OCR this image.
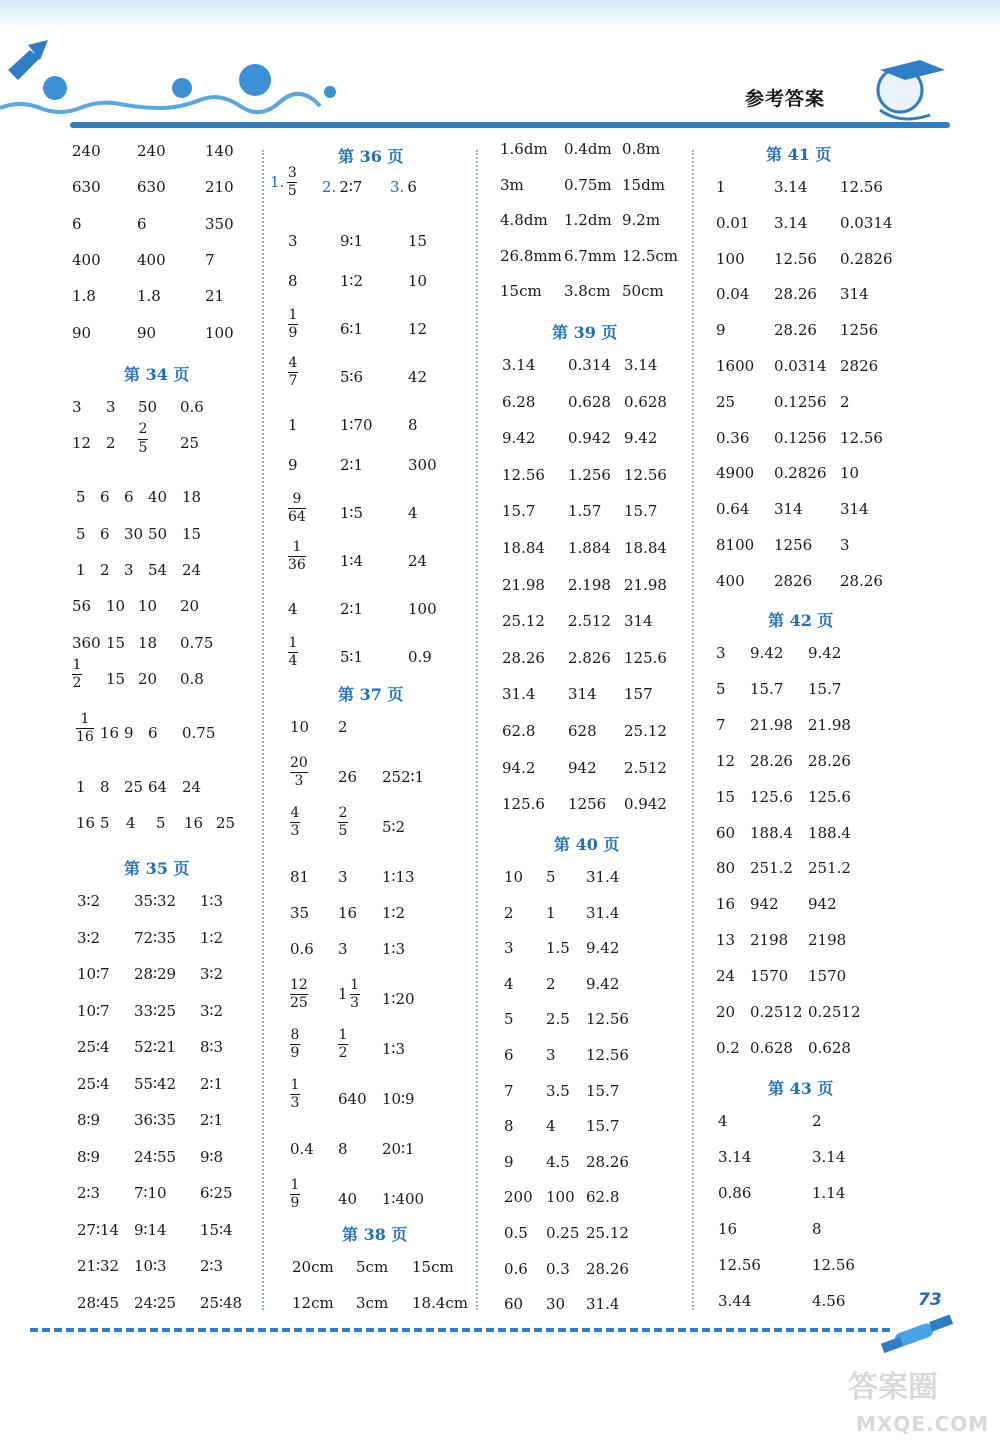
参考答案
240 240	140
630 630	210
6	6	350
400 400	7
1.8	1.8	21
90	90	100
第 34 页
3 3 50 0.6
12 $2 \frac{2}{5} 25$
5 6 6 40 18
5 6 30 50 15
1 2 3 54 24
56 10 10 20
360 15 18 0.75
$\frac{1}{2} 15$ 20 0.8
$\frac{1}{16} 16$ 9 6 0.75
1 8 25 64 24
16 5 4 5 16 25
第 35 页
3∶2 35∶32 1∶3
3∶2 72∶35 1∶2
10∶7 28∶29 3∶2
10∶7 33∶25 3∶2
25∶4 52∶21 8∶3
25∶4 55∶42 2∶1
8∶9 36∶35 2∶1
8∶9 24∶55 9∶8
2∶3 7∶10 6∶25
27∶14 9∶14 15∶4
21∶32 10∶3 2∶3
28∶45 24∶25 25∶48
第 36 页
1. $\frac{3}{5} 2$. 2∶7 3. 6
3	9∶1	15
8	1∶2	10
$\frac{1}{9}$	6∶1	12
$\frac{4}{7}$	5∶6	42
1	1∶70 8
9	2∶1	300
$\frac{9}{64}$ 1∶5	4
$\frac{1}{36}$ 1∶4	24
4	2∶1	100
$\frac{1}{4}$	5∶1	0.9
第 37 页
10 2
$\frac{20}{3} 26$ 252∶1
$\frac{4}{3}$	$\frac{2}{5}$ 5∶2
81 3 1∶13
35 16 1∶2
0.6 3 1∶3
$\frac{12}{25} 1 \frac{1}{3}$ 1∶20
$\frac{8}{9}$	$\frac{1}{2}$ 1∶3
$\frac{1}{3}$	640 10∶9
0.4 8 20∶1
$\frac{1}{9}$	40 1∶400
第 38 页
20cm 5cm 15cm
12cm 3cm 18.4cm
1.6dm 0.4dm 0.8m
3m	0.75m 15dm
4.8dm 1.2dm 9.2m
26.8mm 6.7mm 12.5cm
15cm 3.8cm 50cm
第 39 页
3.14 0.314 3.14
6.28 0.628 0.628
9.42 0.942 9.42
12.56 1.256 12.56
15.7 1.57 15.7
18.84 1.884 18.84
21.98 2.198 21.98
25.12 2.512 314
28.26 2.826 125.6
31.4 314 157
62.8 628 25.12
94.2 942 2.512
125.6 1256 0.942
第 40 页
10 5 31.4
2 1 31.4
3 1.5 9.42
4 2 9.42
5 2.5 12.56
6 3 12.56
7 3.5 15.7
8 4 15.7
9 4.5 28.26
200 100 62.8
0.5 0.25 25.12
0.6 0.3 28.26
60 30 31.4
第 41 页
1	3.14 12.56
0.01 3.14 0.0314
100 12.56 0.2826
0.04 28.26 314
9	28.26 1256
1600 0.0314 2826
25	0.1256 2
0.36 0.1256 12.56
4900 0.2826 10
0.64 314 314
8100 1256 3
400 2826 28.26
第 42 页
3 9.42 9.42
5 15.7 15.7
7 21.98 21.98
12 28.26 28.26
15 125.6 125.6
60 188.4 188.4
80 251.2 251.2
16 942 942
13 2198 2198
24 1570 1570
20 0.2512 0.2512
0.2 0.628 0.628
第 43 页
4	2
3.14	3.14
0.86	1.14
16	8
12.56	12.56
3.44	4.56	73
答案圈
MXQE.COM
